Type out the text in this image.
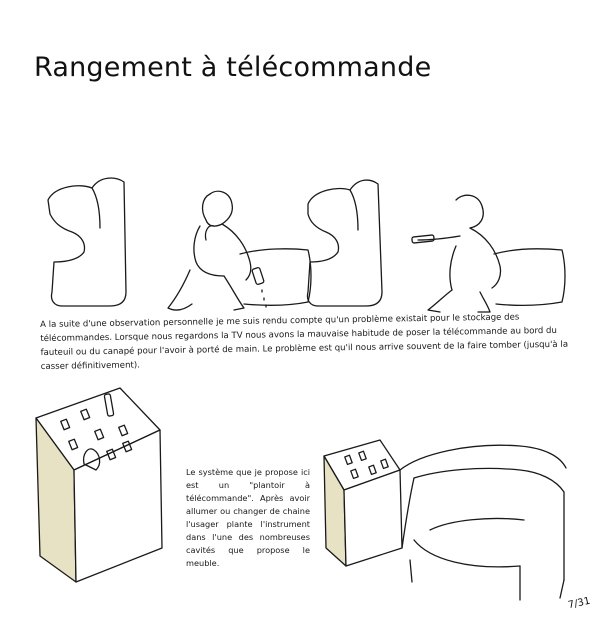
Rangement à télécommande
A la suite d'une observation personnelle je me suis rendu compte qu'un problème existait pour le stockage des télécommandes. Lorsque nous regardons la TV nous avons la mauvaise habitude de poser la télécommande au bord du fauteuil ou du canapé pour l'avoir à porté de main. Le problème est qu'il nous arrive souvent de la faire tomber (jusqu'à la casser définitivement).
Le système que je propose ici est un "plantoir à télécommande". Après avoir allumer ou changer de chaine l'usager plante l'instrument dans l'une des nombreuses cavités que propose le meuble.
7/31
